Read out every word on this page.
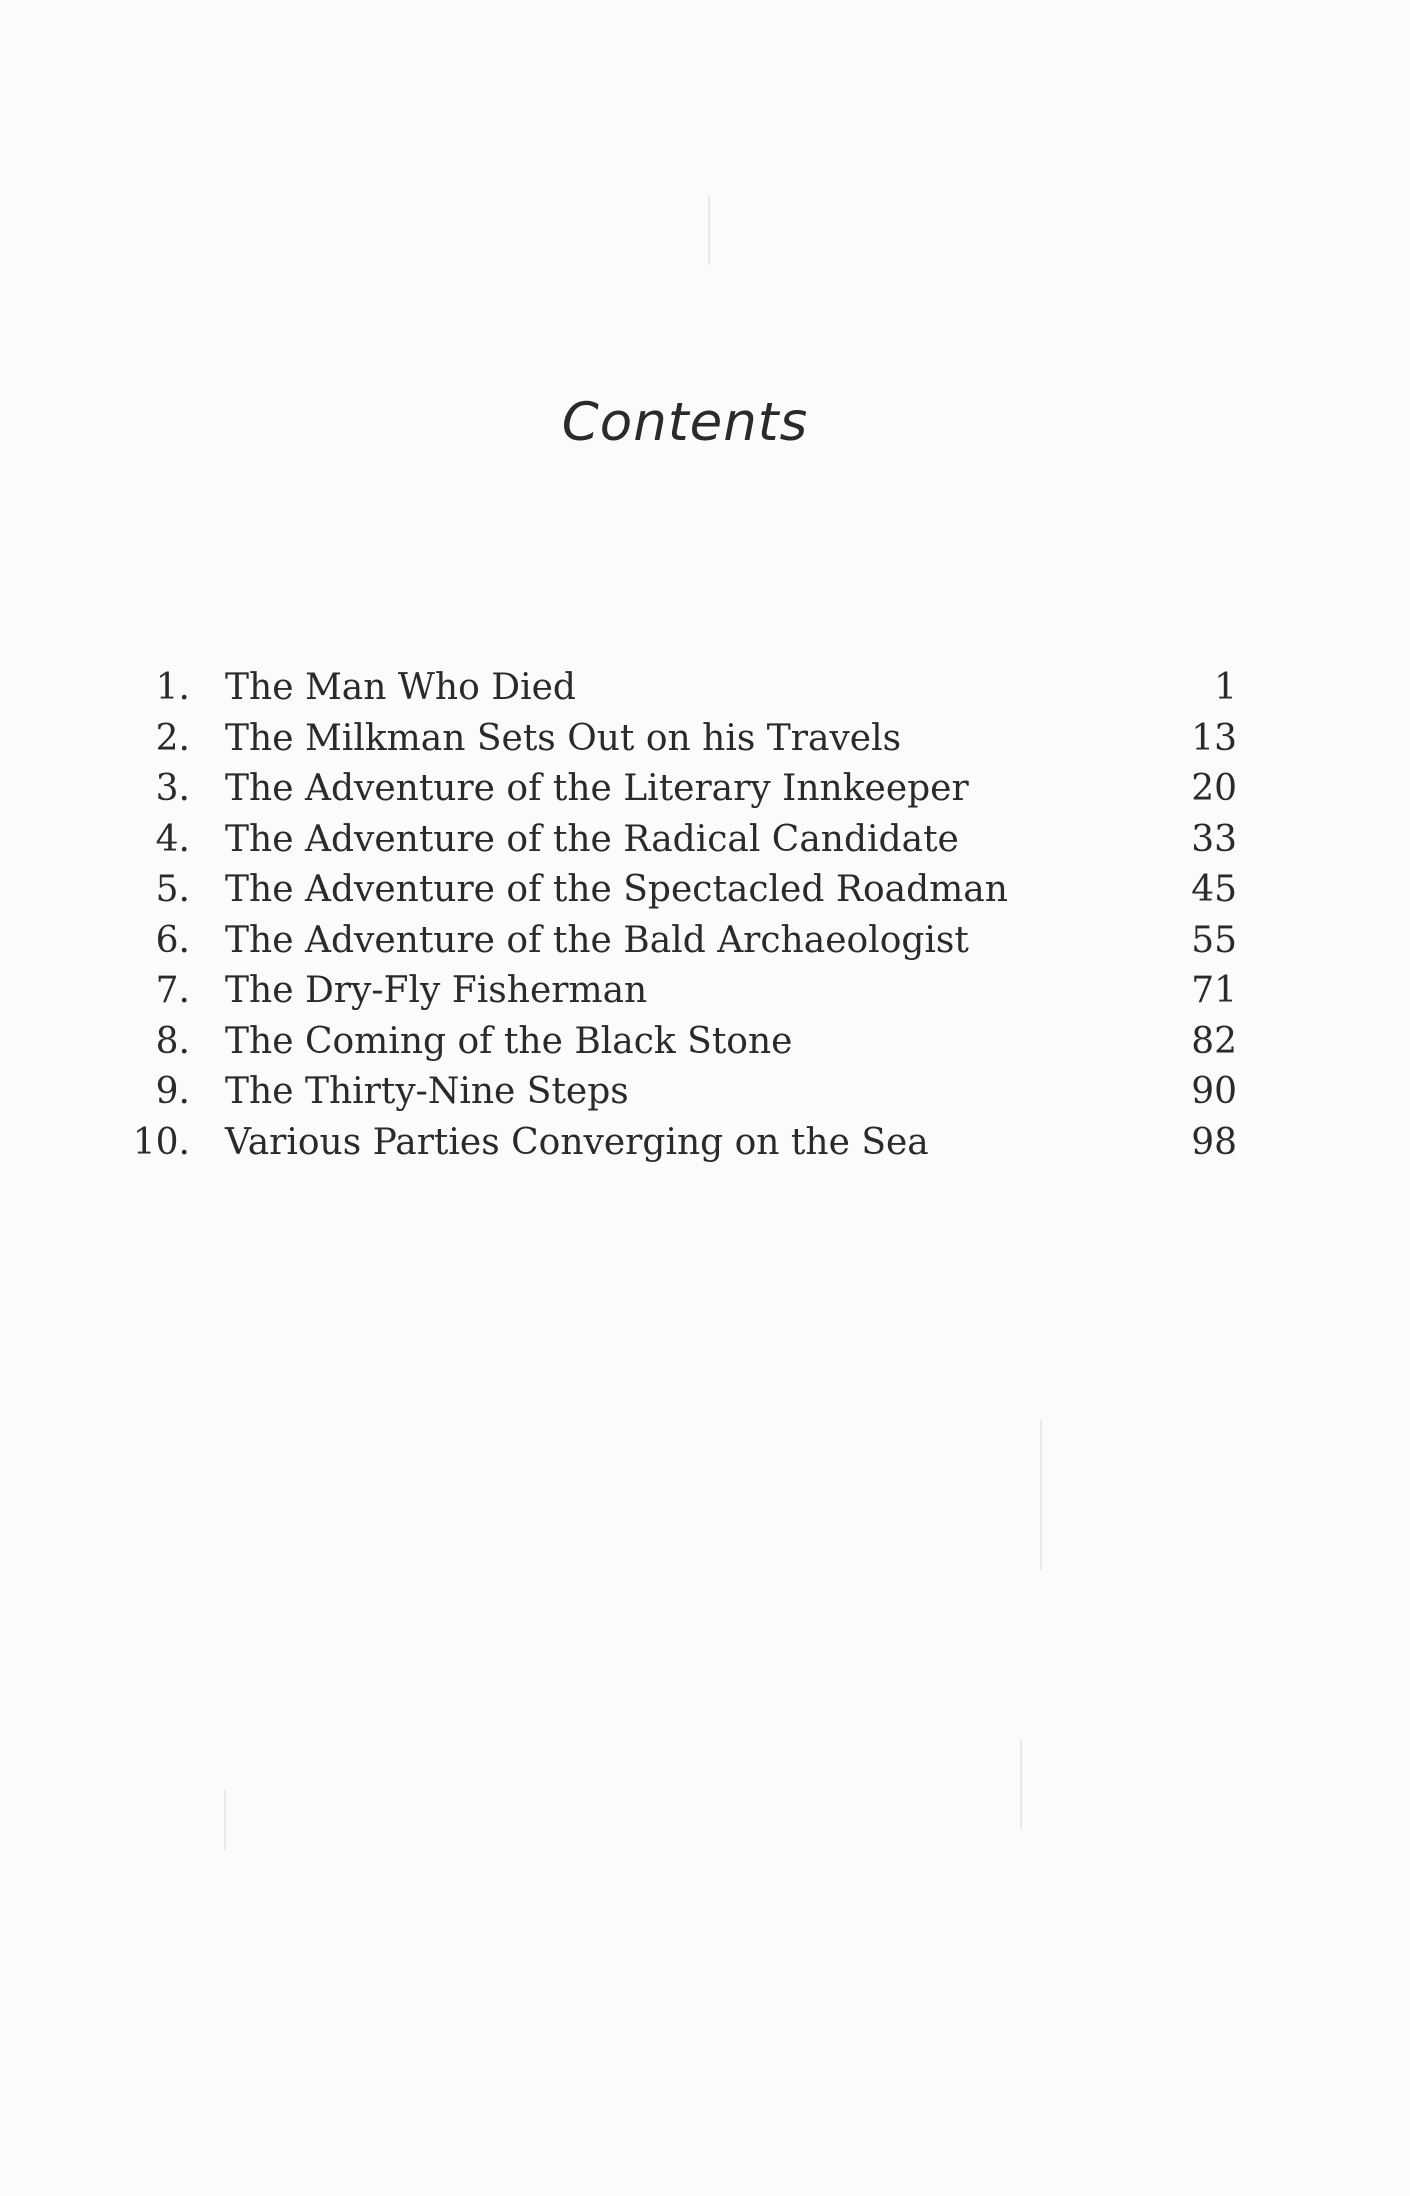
Contents
1. The Man Who Died	1
2. The Milkman Sets Out on his Travels	13
3. The Adventure of the Literary Innkeeper	20
4. The Adventure of the Radical Candidate	33
5. The Adventure of the Spectacled Roadman	45
6. The Adventure of the Bald Archaeologist	55
7. The Dry-Fly Fisherman	71
8. The Coming of the Black Stone	82
9. The Thirty-Nine Steps	90
10. Various Parties Converging on the Sea	98
